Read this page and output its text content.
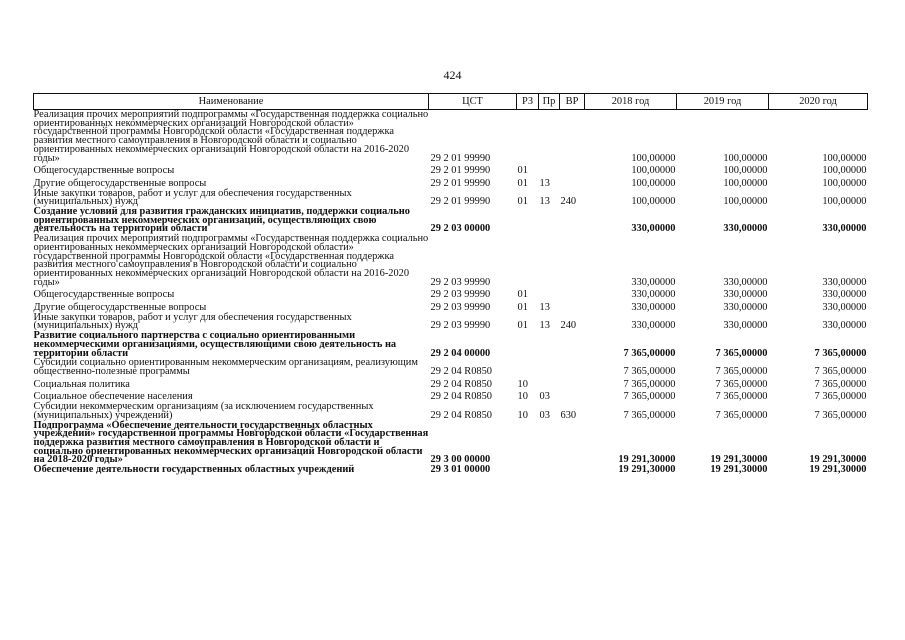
424
Наименование	ЦСТ	РЗ	Пр	ВР	2018 год	2019 год	2020 год
Реализация прочих мероприятий подпрограммы «Государственная поддержка социально ориентированных некоммерческих организаций Новгородской области» государственной программы Новгородской области «Государственная поддержка развития местного самоуправления в Новгородской области и социально ориентированных некоммерческих организаций Новгородской области на 2016-2020 годы»	29 2 01 99990				100,00000	100,00000	100,00000
Общегосударственные вопросы	29 2 01 99990	01			100,00000	100,00000	100,00000
Другие общегосударственные вопросы	29 2 01 99990	01	13		100,00000	100,00000	100,00000
Иные закупки товаров, работ и услуг для обеспечения государственных (муниципальных) нужд	29 2 01 99990	01	13	240	100,00000	100,00000	100,00000
Создание условий для развития гражданских инициатив, поддержки социально ориентированных некоммерческих организаций, осуществляющих свою деятельность на территории области	29 2 03 00000				330,00000	330,00000	330,00000
Реализация прочих мероприятий подпрограммы «Государственная поддержка социально ориентированных некоммерческих организаций Новгородской области» государственной программы Новгородской области «Государственная поддержка развития местного самоуправления в Новгородской области и социально ориентированных некоммерческих организаций Новгородской области на 2016-2020 годы»	29 2 03 99990				330,00000	330,00000	330,00000
Общегосударственные вопросы	29 2 03 99990	01			330,00000	330,00000	330,00000
Другие общегосударственные вопросы	29 2 03 99990	01	13		330,00000	330,00000	330,00000
Иные закупки товаров, работ и услуг для обеспечения государственных (муниципальных) нужд	29 2 03 99990	01	13	240	330,00000	330,00000	330,00000
Развитие социального партнерства с социально ориентированными некоммерческими организациями, осуществляющими свою деятельность на территории области	29 2 04 00000				7 365,00000	7 365,00000	7 365,00000
Субсидии социально ориентированным некоммерческим организациям, реализующим общественно-полезные программы	29 2 04 R0850				7 365,00000	7 365,00000	7 365,00000
Социальная политика	29 2 04 R0850	10			7 365,00000	7 365,00000	7 365,00000
Социальное обеспечение населения	29 2 04 R0850	10	03		7 365,00000	7 365,00000	7 365,00000
Субсидии некоммерческим организациям (за исключением государственных (муниципальных) учреждений)	29 2 04 R0850	10	03	630	7 365,00000	7 365,00000	7 365,00000
Подпрограмма «Обеспечение деятельности государственных областных учреждений» государственной программы Новгородской области «Государственная поддержка развития местного самоуправления в Новгородской области и социально ориентированных некоммерческих организаций Новгородской области на 2018-2020 годы»	29 3 00 00000				19 291,30000	19 291,30000	19 291,30000
Обеспечение деятельности государственных областных учреждений	29 3 01 00000				19 291,30000	19 291,30000	19 291,30000
